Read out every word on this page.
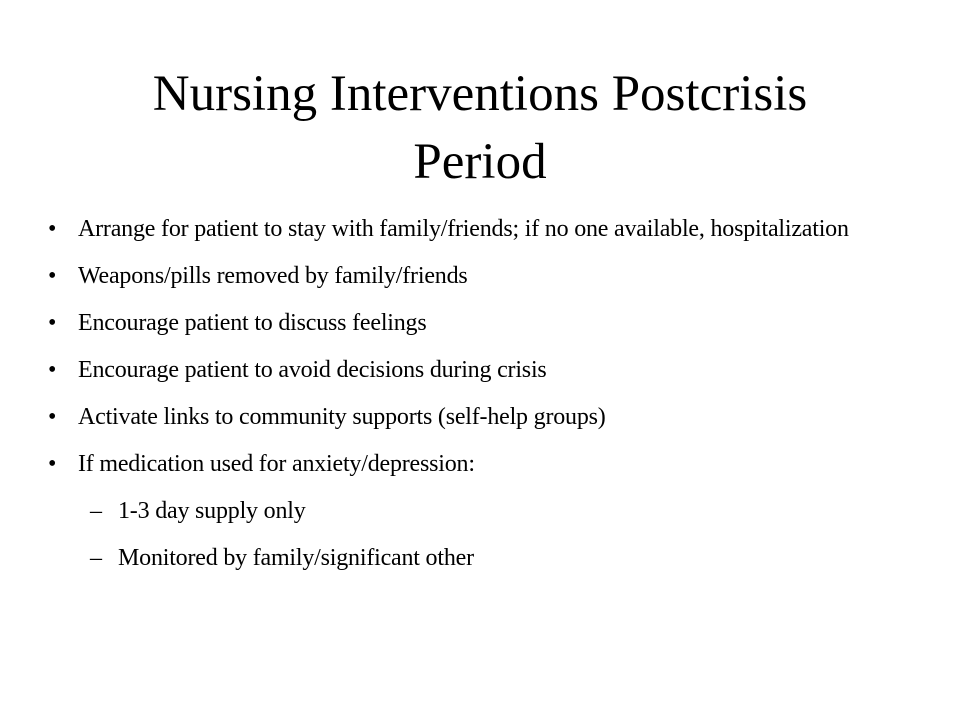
Nursing Interventions Postcrisis
Period
• Arrange for patient to stay with family/friends; if no one available, hospitalization
• Weapons/pills removed by family/friends
• Encourage patient to discuss feelings
• Encourage patient to avoid decisions during crisis
• Activate links to community supports (self-help groups)
• If medication used for anxiety/depression:
– 1-3 day supply only
– Monitored by family/significant other
